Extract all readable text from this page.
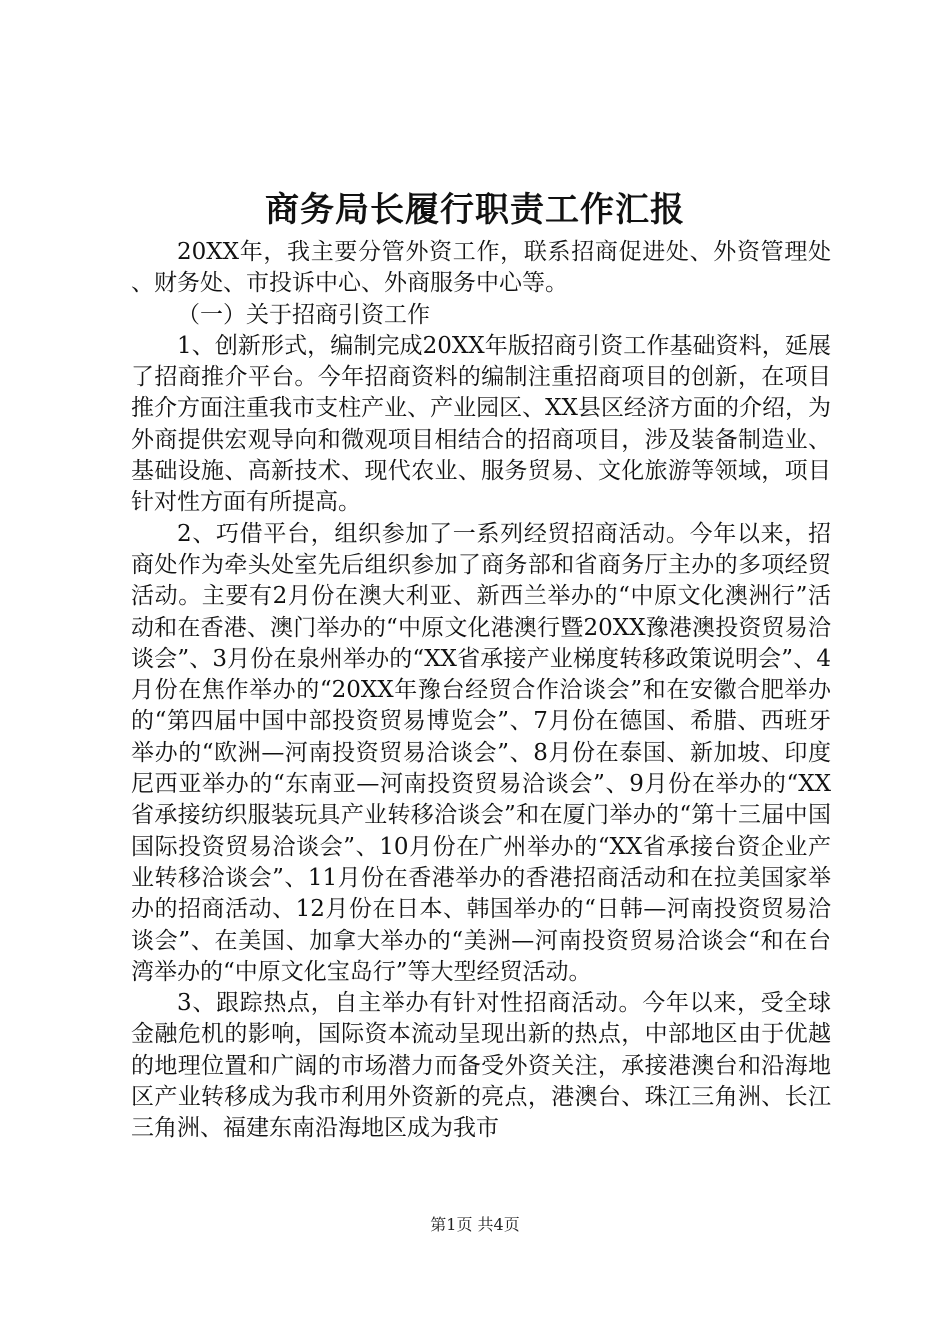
商务局长履行职责工作汇报

20XX年，我主要分管外资工作，联系招商促进处、外资管理处、财务处、市投诉中心、外商服务中心等。

（一）关于招商引资工作

1、创新形式，编制完成20XX年版招商引资工作基础资料，延展了招商推介平台。今年招商资料的编制注重招商项目的创新，在项目推介方面注重我市支柱产业、产业园区、XX县区经济方面的介绍，为外商提供宏观导向和微观项目相结合的招商项目，涉及装备制造业、基础设施、高新技术、现代农业、服务贸易、文化旅游等领域，项目针对性方面有所提高。

2、巧借平台，组织参加了一系列经贸招商活动。今年以来，招商处作为牵头处室先后组织参加了商务部和省商务厅主办的多项经贸活动。主要有2月份在澳大利亚、新西兰举办的“中原文化澳洲行”活动和在香港、澳门举办的“中原文化港澳行暨20XX豫港澳投资贸易洽谈会”、3月份在泉州举办的“XX省承接产业梯度转移政策说明会”、4月份在焦作举办的“20XX年豫台经贸合作洽谈会”和在安徽合肥举办的“第四届中国中部投资贸易博览会”、7月份在德国、希腊、西班牙举办的“欧洲—河南投资贸易洽谈会”、8月份在泰国、新加坡、印度尼西亚举办的“东南亚—河南投资贸易洽谈会”、9月份在举办的“XX省承接纺织服装玩具产业转移洽谈会”和在厦门举办的“第十三届中国国际投资贸易洽谈会”、10月份在广州举办的“XX省承接台资企业产业转移洽谈会”、11月份在香港举办的香港招商活动和在拉美国家举办的招商活动、12月份在日本、韩国举办的“日韩—河南投资贸易洽谈会”、在美国、加拿大举办的“美洲—河南投资贸易洽谈会“和在台湾举办的“中原文化宝岛行”等大型经贸活动。

3、跟踪热点，自主举办有针对性招商活动。今年以来，受全球金融危机的影响，国际资本流动呈现出新的热点，中部地区由于优越的地理位置和广阔的市场潜力而备受外资关注，承接港澳台和沿海地区产业转移成为我市利用外资新的亮点，港澳台、珠江三角洲、长江三角洲、福建东南沿海地区成为我市

第1页 共4页
